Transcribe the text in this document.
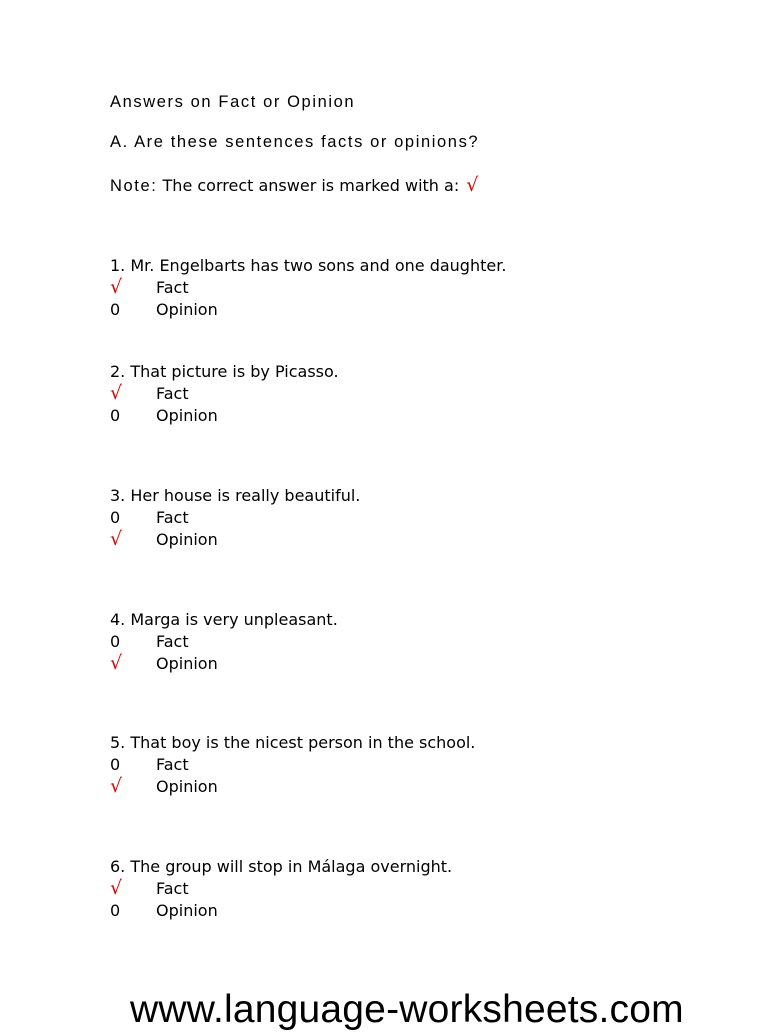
Answers on Fact or Opinion
A. Are these sentences facts or opinions?
Note: The correct answer is marked with a: √
1. Mr. Engelbarts has two sons and one daughter.
√	Fact
0	Opinion
2. That picture is by Picasso.
√	Fact
0	Opinion
3. Her house is really beautiful.
0	Fact
√	Opinion
4. Marga is very unpleasant.
0	Fact
√	Opinion
5. That boy is the nicest person in the school.
0	Fact
√	Opinion
6. The group will stop in Málaga overnight.
√	Fact
0	Opinion
www.language-worksheets.com
